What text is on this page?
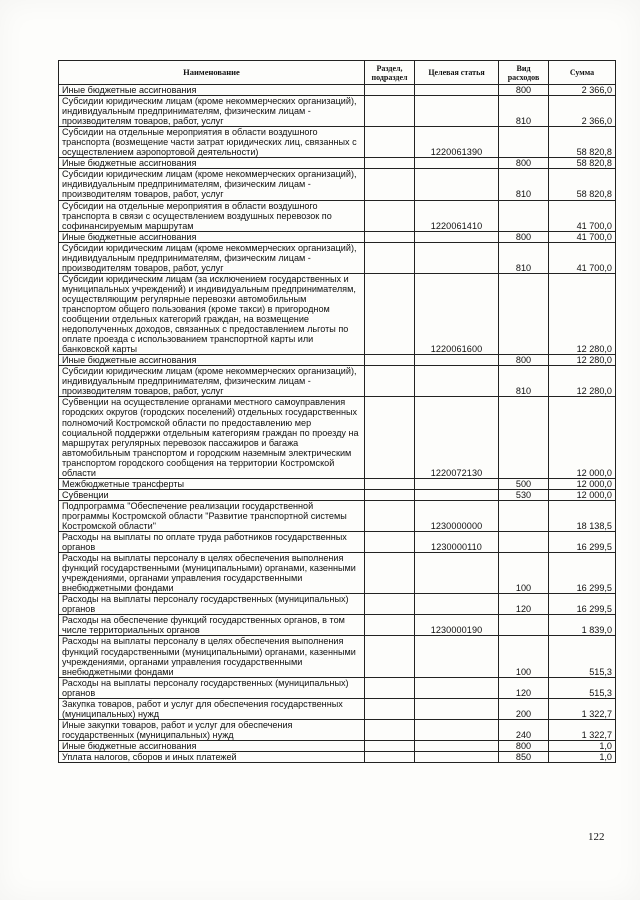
Наименование	Раздел, подраздел	Целевая статья	Вид расходов	Сумма
Иные бюджетные ассигнования			800	2 366,0
Субсидии юридическим лицам (кроме некоммерческих организаций), индивидуальным предпринимателям, физическим лицам - производителям товаров, работ, услуг			810	2 366,0
Субсидии на отдельные мероприятия в области воздушного транспорта (возмещение части затрат юридических лиц, связанных с осуществлением аэропортовой деятельности)		1220061390		58 820,8
Иные бюджетные ассигнования			800	58 820,8
Субсидии юридическим лицам (кроме некоммерческих организаций), индивидуальным предпринимателям, физическим лицам - производителям товаров, работ, услуг			810	58 820,8
Субсидии на отдельные мероприятия в области воздушного транспорта в связи с осуществлением воздушных перевозок по софинансируемым маршрутам		1220061410		41 700,0
Иные бюджетные ассигнования			800	41 700,0
Субсидии юридическим лицам (кроме некоммерческих организаций), индивидуальным предпринимателям, физическим лицам - производителям товаров, работ, услуг			810	41 700,0
Субсидии юридическим лицам (за исключением государственных и муниципальных учреждений) и индивидуальным предпринимателям, осуществляющим регулярные перевозки автомобильным транспортом общего пользования (кроме такси) в пригородном сообщении отдельных категорий граждан, на возмещение недополученных доходов, связанных с предоставлением льготы по оплате проезда с использованием транспортной карты или банковской карты		1220061600		12 280,0
Иные бюджетные ассигнования			800	12 280,0
Субсидии юридическим лицам (кроме некоммерческих организаций), индивидуальным предпринимателям, физическим лицам - производителям товаров, работ, услуг			810	12 280,0
Субвенции на осуществление органами местного самоуправления городских округов (городских поселений) отдельных государственных полномочий Костромской области по предоставлению мер социальной поддержки отдельным категориям граждан по проезду на маршрутах регулярных перевозок пассажиров и багажа автомобильным транспортом и городским наземным электрическим транспортом городского сообщения на территории Костромской области		1220072130		12 000,0
Межбюджетные трансферты			500	12 000,0
Субвенции			530	12 000,0
Подпрограмма "Обеспечение реализации государственной программы Костромской области "Развитие транспортной системы Костромской области"		1230000000		18 138,5
Расходы на выплаты по оплате труда работников государственных органов		1230000110		16 299,5
Расходы на выплаты персоналу в целях обеспечения выполнения функций государственными (муниципальными) органами, казенными учреждениями, органами управления государственными внебюджетными фондами			100	16 299,5
Расходы на выплаты персоналу государственных (муниципальных) органов			120	16 299,5
Расходы на обеспечение функций государственных органов, в том числе территориальных органов		1230000190		1 839,0
Расходы на выплаты персоналу в целях обеспечения выполнения функций государственными (муниципальными) органами, казенными учреждениями, органами управления государственными внебюджетными фондами			100	515,3
Расходы на выплаты персоналу государственных (муниципальных) органов			120	515,3
Закупка товаров, работ и услуг для обеспечения государственных (муниципальных) нужд			200	1 322,7
Иные закупки товаров, работ и услуг для обеспечения государственных (муниципальных) нужд			240	1 322,7
Иные бюджетные ассигнования			800	1,0
Уплата налогов, сборов и иных платежей			850	1,0
122
